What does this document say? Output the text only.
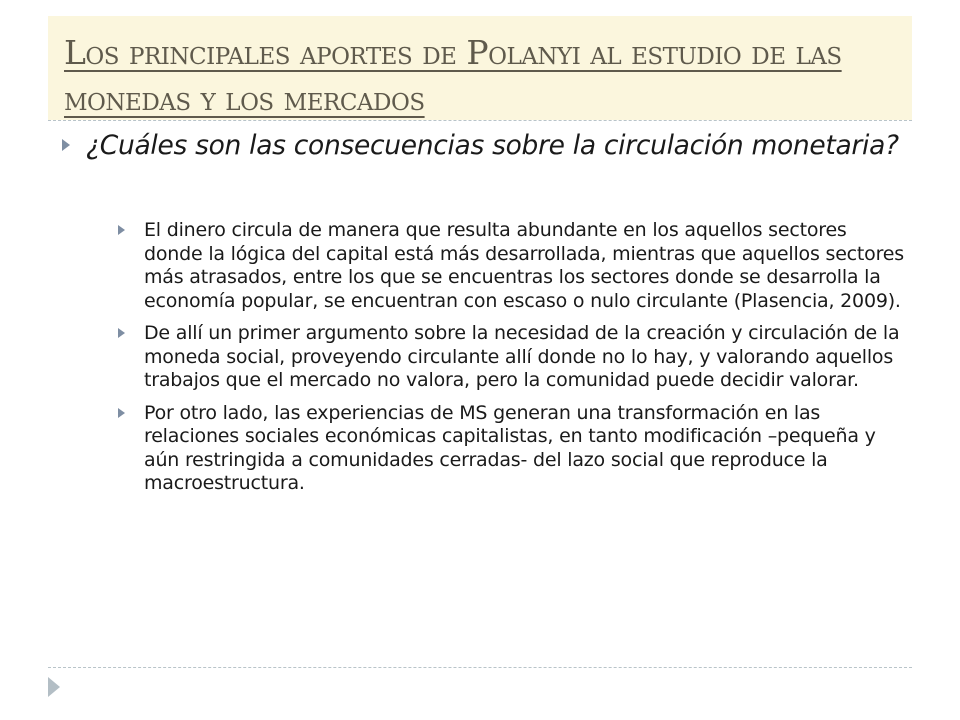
Los principales aportes de Polanyi al estudio de las monedas y los mercados
¿Cuáles son las consecuencias sobre la circulación monetaria?
El dinero circula de manera que resulta abundante en los aquellos sectores donde la lógica del capital está más desarrollada, mientras que aquellos sectores más atrasados, entre los que se encuentras los sectores donde se desarrolla la economía popular, se encuentran con escaso o nulo circulante (Plasencia, 2009).
De allí un primer argumento sobre la necesidad de la creación y circulación de la moneda social, proveyendo circulante allí donde no lo hay, y valorando aquellos trabajos que el mercado no valora, pero la comunidad puede decidir valorar.
Por otro lado, las experiencias de MS generan una transformación en las relaciones sociales económicas capitalistas, en tanto modificación –pequeña y aún restringida a comunidades cerradas- del lazo social que reproduce la macroestructura.
